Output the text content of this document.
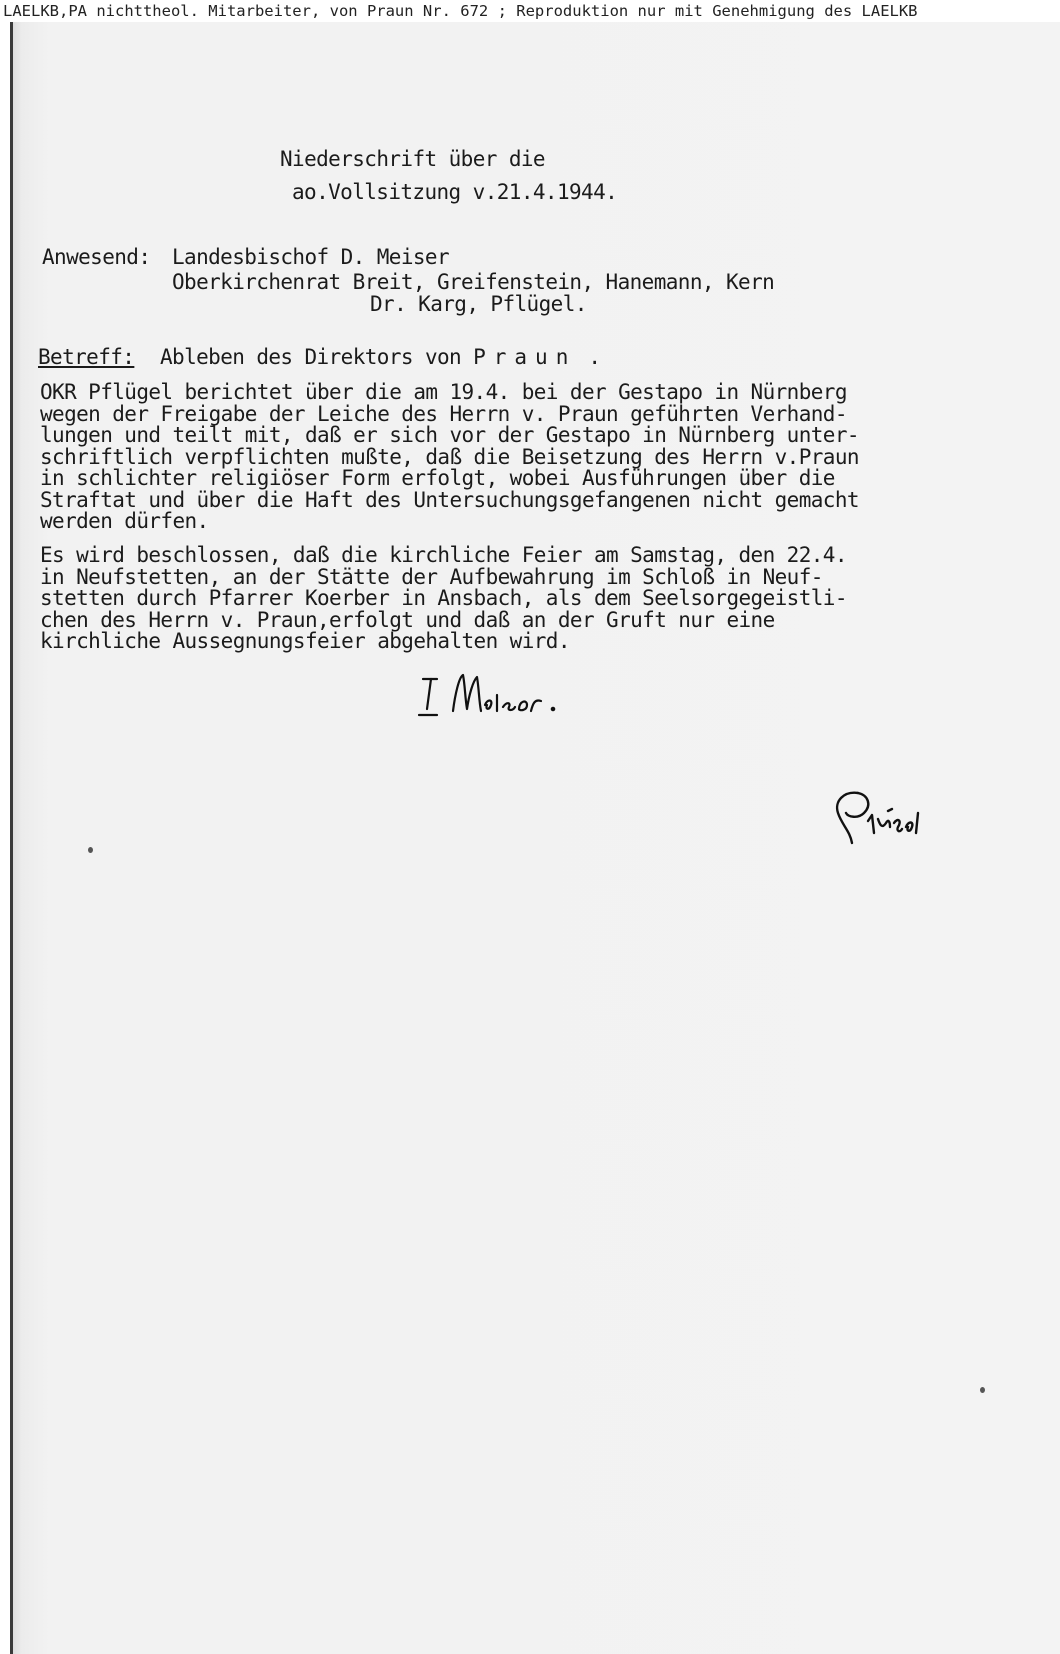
LAELKB,PA nichttheol. Mitarbeiter, von Praun Nr. 672 ; Reproduktion nur mit Genehmigung des LAELKB
Niederschrift über die
ao.Vollsitzung v.21.4.1944.
Anwesend: Landesbischof D. Meiser
Oberkirchenrat Breit, Greifenstein, Hanemann, Kern
Dr. Karg, Pflügel.
Betreff: Ableben des Direktors von Praun .
OKR Pflügel berichtet über die am 19.4. bei der Gestapo in Nürnberg
wegen der Freigabe der Leiche des Herrn v. Praun geführten Verhand-
lungen und teilt mit, daß er sich vor der Gestapo in Nürnberg unter-
schriftlich verpflichten mußte, daß die Beisetzung des Herrn v.Praun
in schlichter religiöser Form erfolgt, wobei Ausführungen über die
Straftat und über die Haft des Untersuchungsgefangenen nicht gemacht
werden dürfen.
Es wird beschlossen, daß die kirchliche Feier am Samstag, den 22.4.
in Neufstetten, an der Stätte der Aufbewahrung im Schloß in Neuf-
stetten durch Pfarrer Koerber in Ansbach, als dem Seelsorgegeistli-
chen des Herrn v. Praun,erfolgt und daß an der Gruft nur eine
kirchliche Aussegnungsfeier abgehalten wird.
